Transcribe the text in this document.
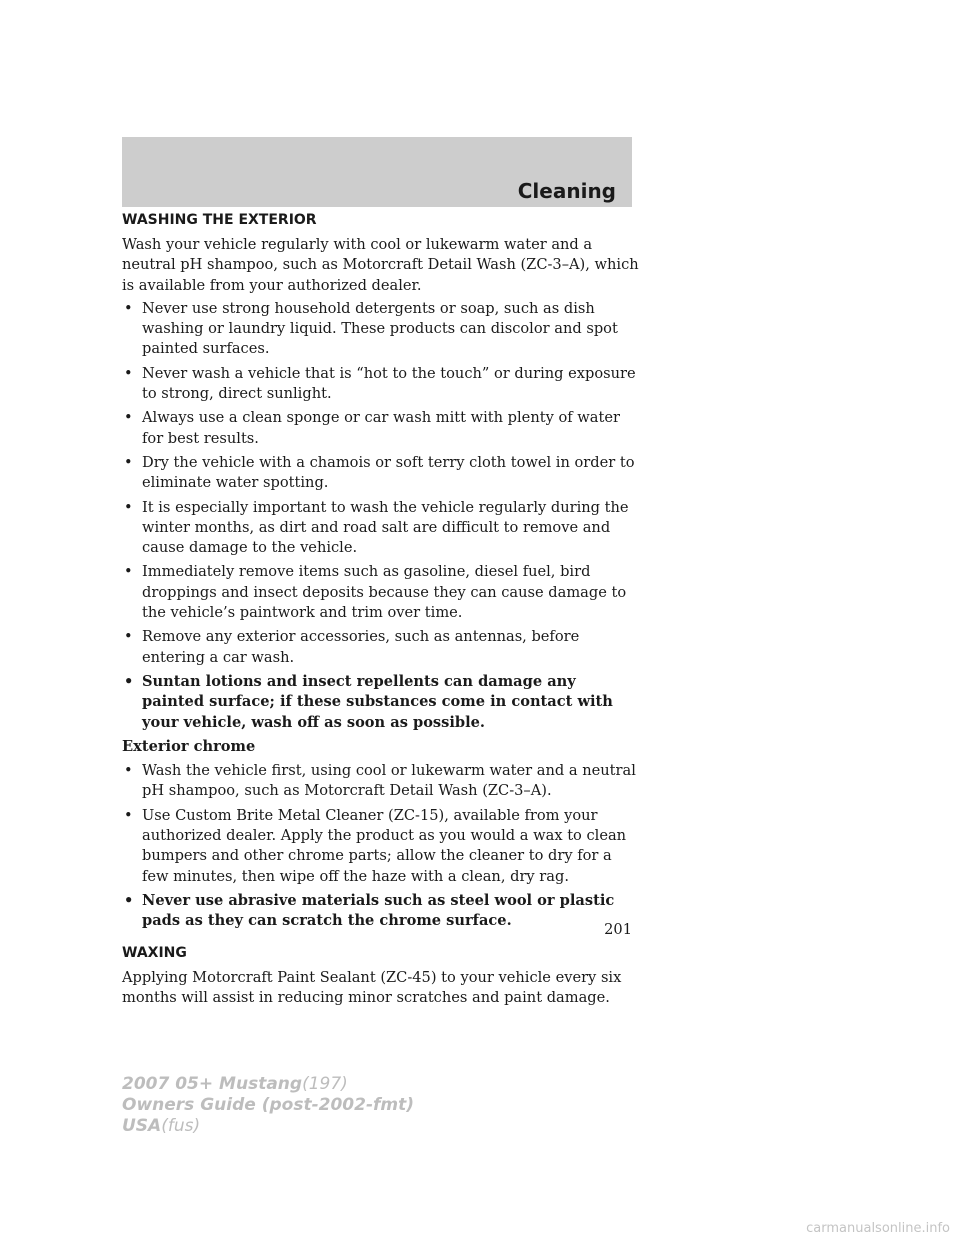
Cleaning
WASHING THE EXTERIOR

Wash your vehicle regularly with cool or lukewarm water and a neutral pH shampoo, such as Motorcraft Detail Wash (ZC-3–A), which is available from your authorized dealer.

• Never use strong household detergents or soap, such as dish washing or laundry liquid. These products can discolor and spot painted surfaces.
• Never wash a vehicle that is “hot to the touch” or during exposure to strong, direct sunlight.
• Always use a clean sponge or car wash mitt with plenty of water for best results.
• Dry the vehicle with a chamois or soft terry cloth towel in order to eliminate water spotting.
• It is especially important to wash the vehicle regularly during the winter months, as dirt and road salt are difficult to remove and cause damage to the vehicle.
• Immediately remove items such as gasoline, diesel fuel, bird droppings and insect deposits because they can cause damage to the vehicle’s paintwork and trim over time.
• Remove any exterior accessories, such as antennas, before entering a car wash.
• Suntan lotions and insect repellents can damage any painted surface; if these substances come in contact with your vehicle, wash off as soon as possible.
Exterior chrome
• Wash the vehicle first, using cool or lukewarm water and a neutral pH shampoo, such as Motorcraft Detail Wash (ZC-3–A).
• Use Custom Brite Metal Cleaner (ZC-15), available from your authorized dealer. Apply the product as you would a wax to clean bumpers and other chrome parts; allow the cleaner to dry for a few minutes, then wipe off the haze with a clean, dry rag.
• Never use abrasive materials such as steel wool or plastic pads as they can scratch the chrome surface.
WAXING

Applying Motorcraft Paint Sealant (ZC-45) to your vehicle every six months will assist in reducing minor scratches and paint damage.

201
2007 05+ Mustang(197)
Owners Guide (post-2002-fmt)
USA(fus)
carmanualsonline.info
